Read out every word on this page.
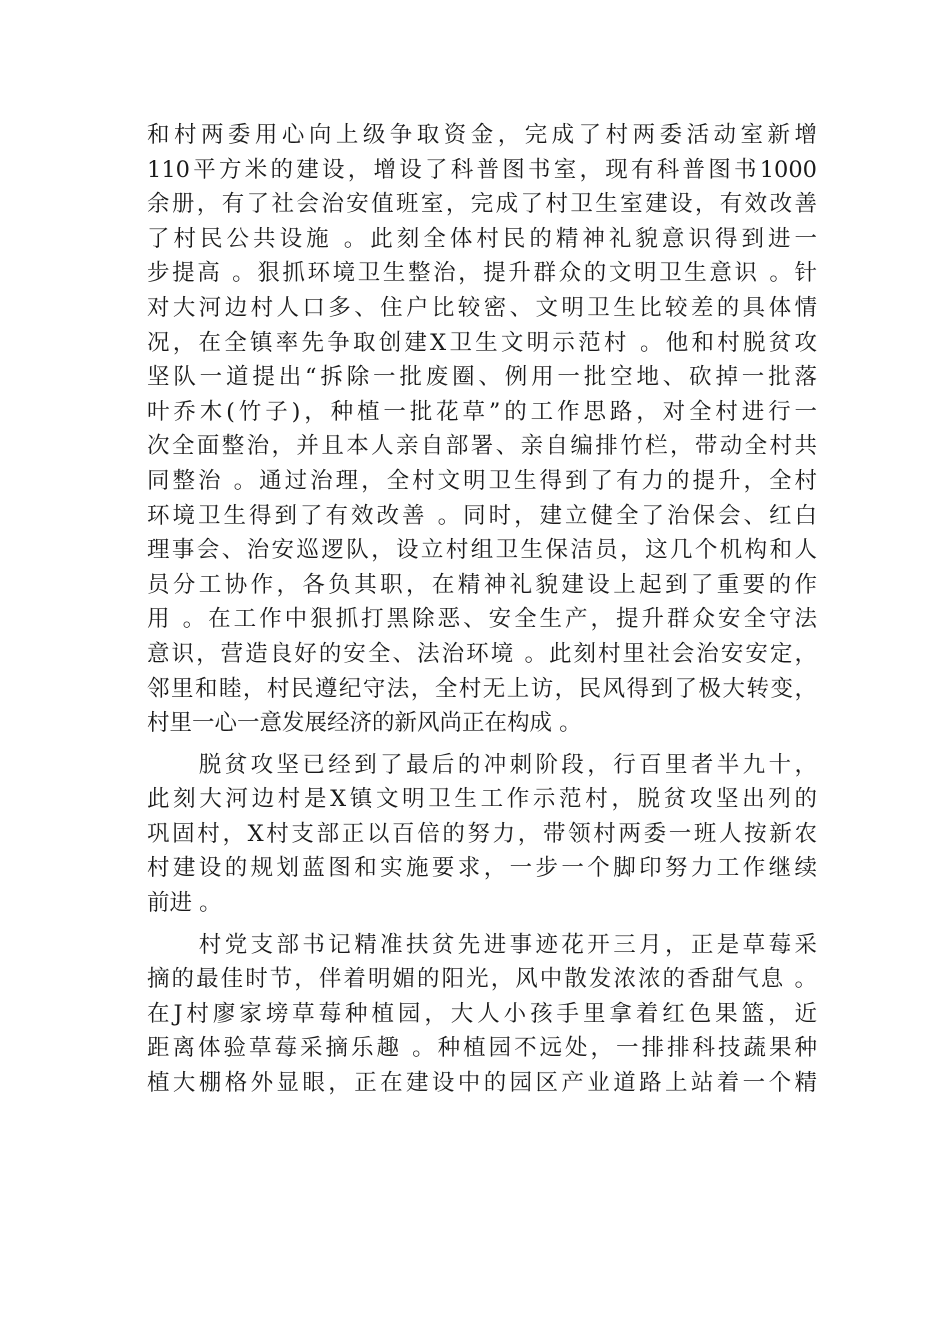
和村两委用心向上级争取资金，完成了村两委活动室新增
110平方米的建设，增设了科普图书室，现有科普图书1000
余册，有了社会治安值班室，完成了村卫生室建设，有效改善
了村民公共设施 。此刻全体村民的精神礼貌意识得到进一
步提高 。狠抓环境卫生整治，提升群众的文明卫生意识 。针
对大河边村人口多、住户比较密、文明卫生比较差的具体情
况，在全镇率先争取创建X卫生文明示范村 。他和村脱贫攻
坚队一道提出“拆除一批废圈、例用一批空地、砍掉一批落
叶乔木(竹子)，种植一批花草”的工作思路，对全村进行一
次全面整治，并且本人亲自部署、亲自编排竹栏，带动全村共
同整治 。通过治理，全村文明卫生得到了有力的提升，全村
环境卫生得到了有效改善 。同时，建立健全了治保会、红白
理事会、治安巡逻队，设立村组卫生保洁员，这几个机构和人
员分工协作，各负其职，在精神礼貌建设上起到了重要的作
用 。在工作中狠抓打黑除恶、安全生产，提升群众安全守法
意识，营造良好的安全、法治环境 。此刻村里社会治安安定，
邻里和睦，村民遵纪守法，全村无上访，民风得到了极大转变，
村里一心一意发展经济的新风尚正在构成 。
　　脱贫攻坚已经到了最后的冲刺阶段，行百里者半九十，
此刻大河边村是X镇文明卫生工作示范村，脱贫攻坚出列的
巩固村，X村支部正以百倍的努力，带领村两委一班人按新农
村建设的规划蓝图和实施要求，一步一个脚印努力工作继续
前进 。
　　村党支部书记精准扶贫先进事迹花开三月，正是草莓采
摘的最佳时节，伴着明媚的阳光，风中散发浓浓的香甜气息 。
在J村廖家塝草莓种植园，大人小孩手里拿着红色果篮，近
距离体验草莓采摘乐趣 。种植园不远处，一排排科技蔬果种
植大棚格外显眼，正在建设中的园区产业道路上站着一个精
